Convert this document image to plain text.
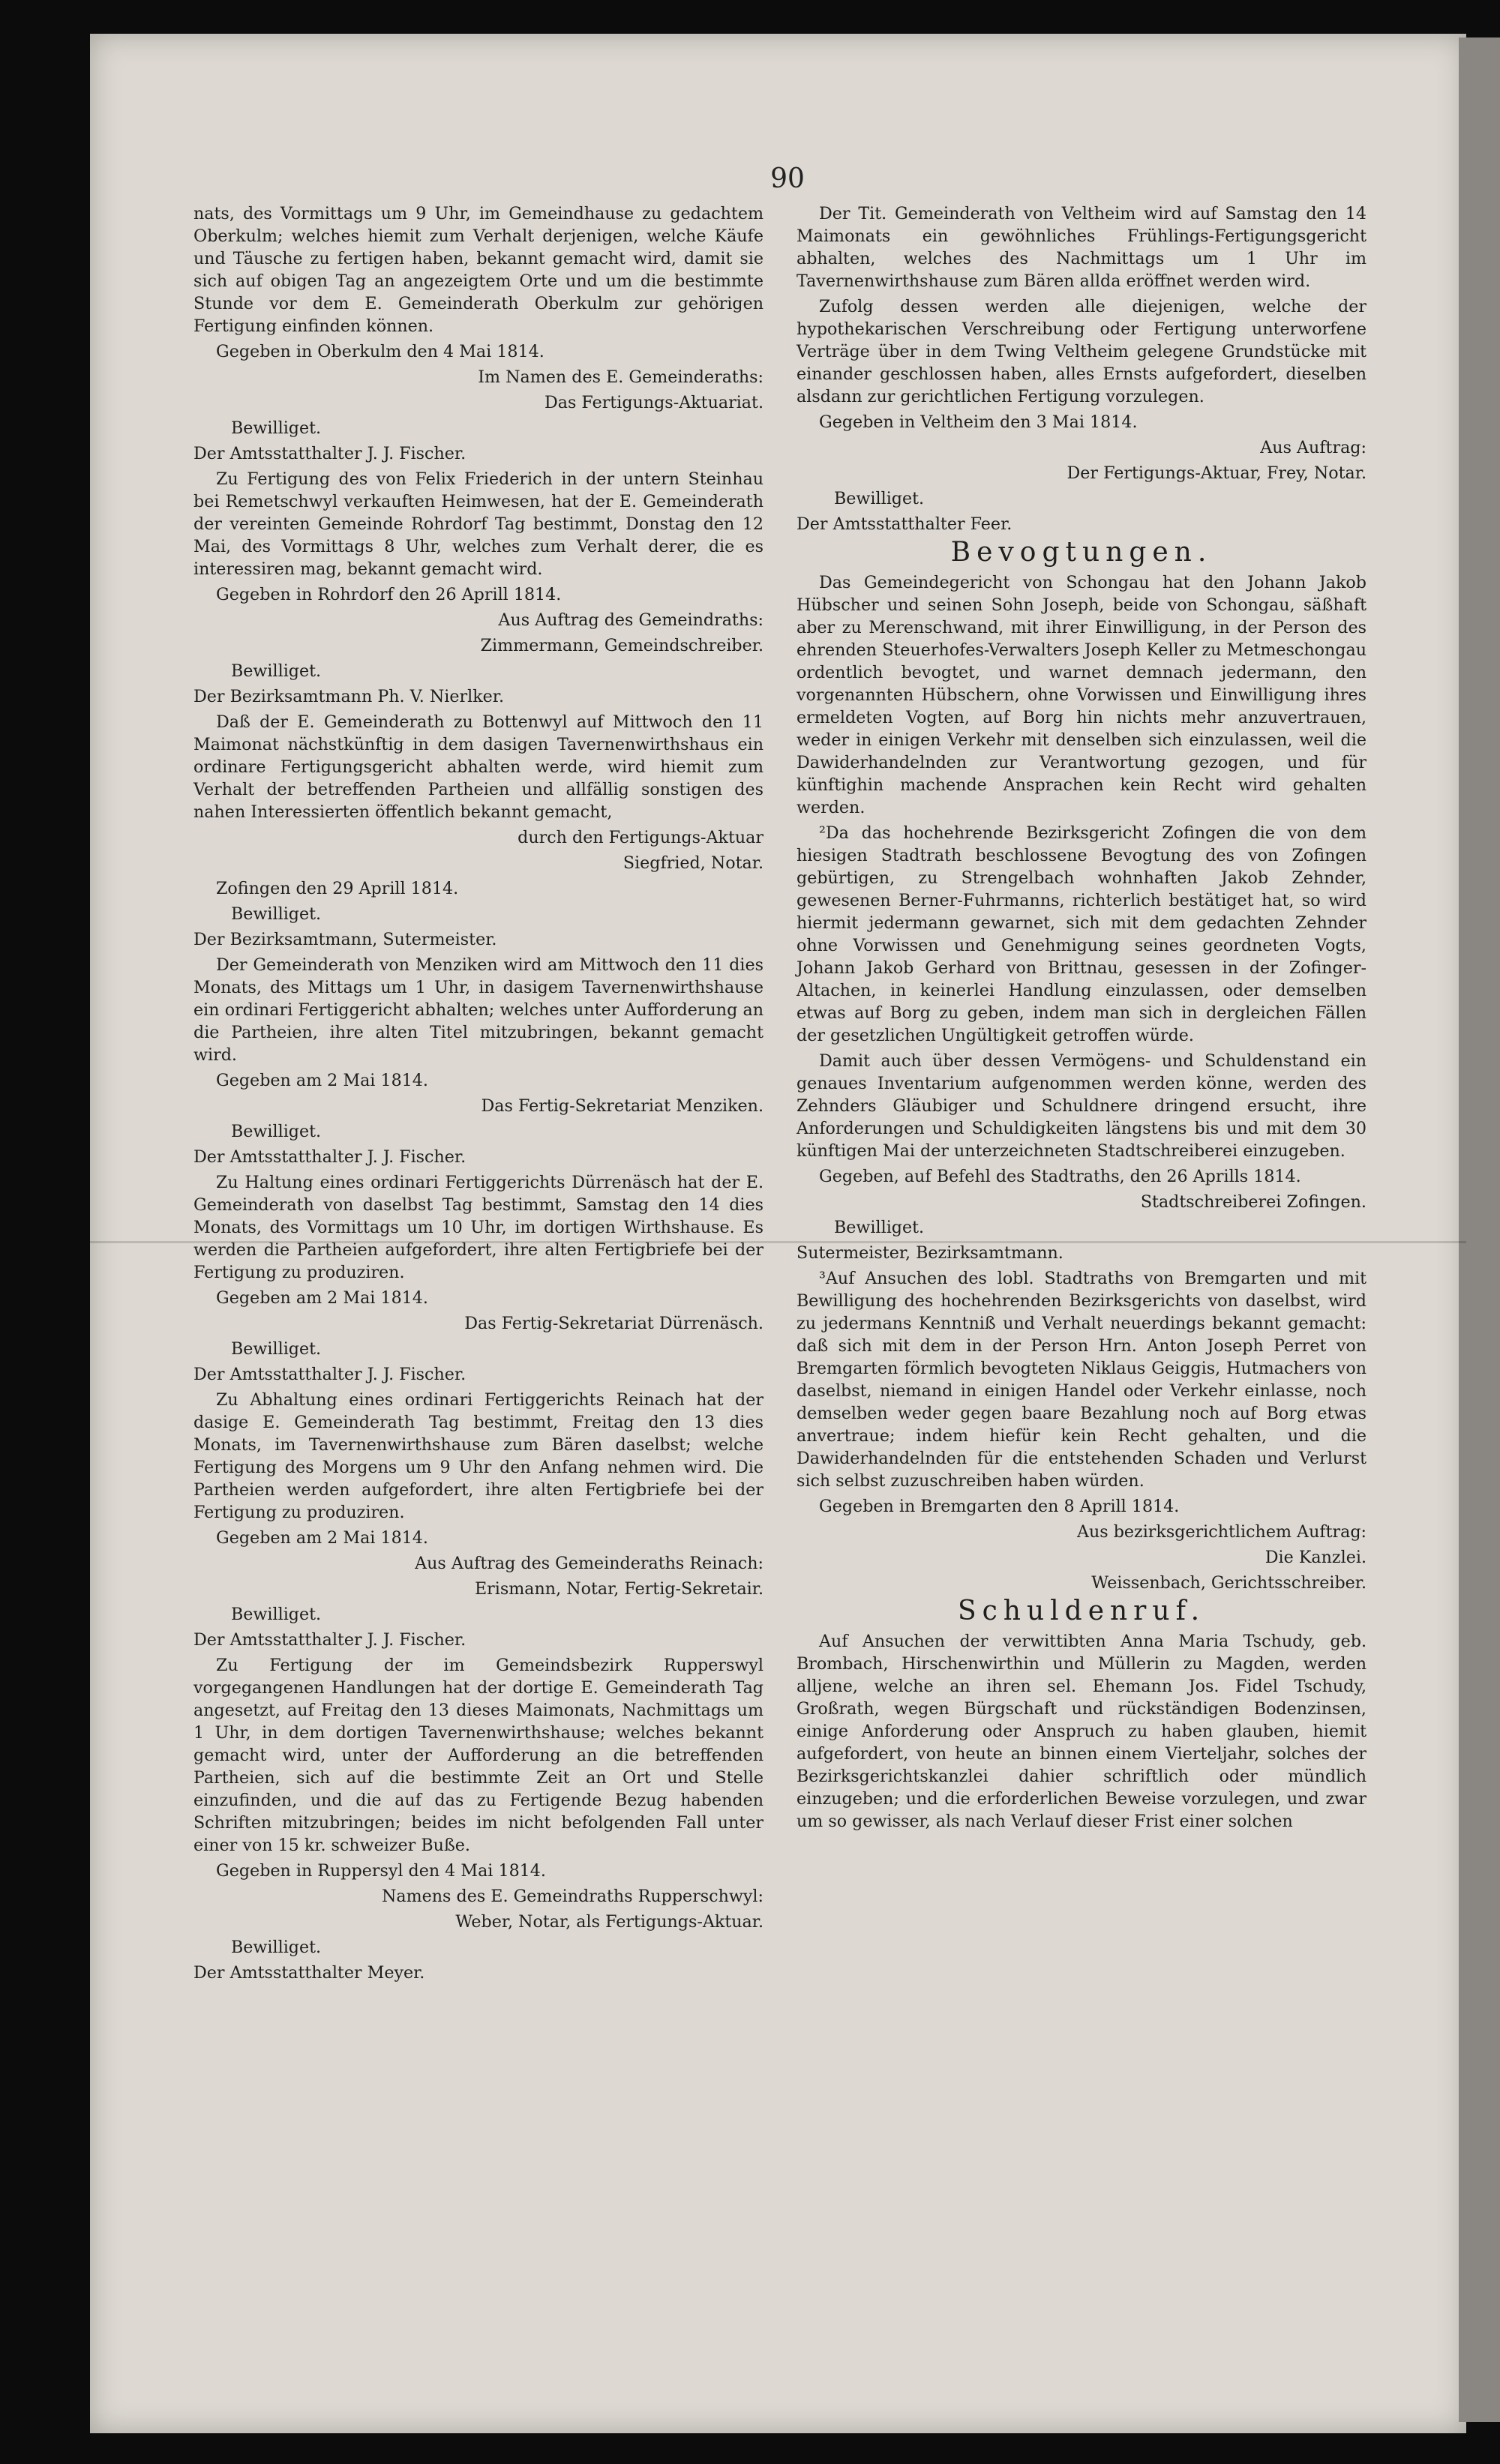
90

nats, des Vormittags um 9 Uhr, im Gemeindhause zu gedachtem Oberkulm; welches hiemit zum Verhalt derjenigen, welche Käufe und Täusche zu fertigen haben, bekannt gemacht wird, damit sie sich auf obigen Tag an angezeigtem Orte und um die bestimmte Stunde vor dem E. Gemeinderath Oberkulm zur gehörigen Fertigung einfinden können.

Gegeben in Oberkulm den 4 Mai 1814.

Im Namen des E. Gemeinderaths:

Das Fertigungs-Aktuariat.

Bewilliget.

Der Amtsstatthalter J. J. Fischer.

Zu Fertigung des von Felix Friederich in der untern Steinhau bei Remetschwyl verkauften Heimwesen, hat der E. Gemeinderath der vereinten Gemeinde Rohrdorf Tag bestimmt, Donstag den 12 Mai, des Vormittags 8 Uhr, welches zum Verhalt derer, die es interessiren mag, bekannt gemacht wird.

Gegeben in Rohrdorf den 26 Aprill 1814.

Aus Auftrag des Gemeindraths:

Zimmermann, Gemeindschreiber.

Bewilliget.

Der Bezirksamtmann Ph. V. Nierlker.

Daß der E. Gemeinderath zu Bottenwyl auf Mittwoch den 11 Maimonat nächstkünftig in dem dasigen Tavernenwirthshaus ein ordinare Fertigungsgericht abhalten werde, wird hiemit zum Verhalt der betreffenden Partheien und allfällig sonstigen des nahen Interessierten öffentlich bekannt gemacht,

durch den Fertigungs-Aktuar

Siegfried, Notar.

Zofingen den 29 Aprill 1814.

Bewilliget.

Der Bezirksamtmann, Sutermeister.

Der Gemeinderath von Menziken wird am Mittwoch den 11 dies Monats, des Mittags um 1 Uhr, in dasigem Tavernenwirthshause ein ordinari Fertiggericht abhalten; welches unter Aufforderung an die Partheien, ihre alten Titel mitzubringen, bekannt gemacht wird.

Gegeben am 2 Mai 1814.

Das Fertig-Sekretariat Menziken.

Bewilliget.

Der Amtsstatthalter J. J. Fischer.

Zu Haltung eines ordinari Fertiggerichts Dürrenäsch hat der E. Gemeinderath von daselbst Tag bestimmt, Samstag den 14 dies Monats, des Vormittags um 10 Uhr, im dortigen Wirthshause. Es werden die Partheien aufgefordert, ihre alten Fertigbriefe bei der Fertigung zu produziren.

Gegeben am 2 Mai 1814.

Das Fertig-Sekretariat Dürrenäsch.

Bewilliget.

Der Amtsstatthalter J. J. Fischer.

Zu Abhaltung eines ordinari Fertiggerichts Reinach hat der dasige E. Gemeinderath Tag bestimmt, Freitag den 13 dies Monats, im Tavernenwirthshause zum Bären daselbst; welche Fertigung des Morgens um 9 Uhr den Anfang nehmen wird. Die Partheien werden aufgefordert, ihre alten Fertigbriefe bei der Fertigung zu produziren.

Gegeben am 2 Mai 1814.

Aus Auftrag des Gemeinderaths Reinach:

Erismann, Notar, Fertig-Sekretair.

Bewilliget.

Der Amtsstatthalter J. J. Fischer.

Zu Fertigung der im Gemeindsbezirk Rupperswyl vorgegangenen Handlungen hat der dortige E. Gemeinderath Tag angesetzt, auf Freitag den 13 dieses Maimonats, Nachmittags um 1 Uhr, in dem dortigen Tavernenwirthshause; welches bekannt gemacht wird, unter der Aufforderung an die betreffenden Partheien, sich auf die bestimmte Zeit an Ort und Stelle einzufinden, und die auf das zu Fertigende Bezug habenden Schriften mitzubringen; beides im nicht befolgenden Fall unter einer von 15 kr. schweizer Buße.

Gegeben in Ruppersyl den 4 Mai 1814.

Namens des E. Gemeindraths Rupperschwyl:

Weber, Notar, als Fertigungs-Aktuar.

Bewilliget.

Der Amtsstatthalter Meyer.

Der Tit. Gemeinderath von Veltheim wird auf Samstag den 14 Maimonats ein gewöhnliches Frühlings-Fertigungsgericht abhalten, welches des Nachmittags um 1 Uhr im Tavernenwirthshause zum Bären allda eröffnet werden wird.

Zufolg dessen werden alle diejenigen, welche der hypothekarischen Verschreibung oder Fertigung unterworfene Verträge über in dem Twing Veltheim gelegene Grundstücke mit einander geschlossen haben, alles Ernsts aufgefordert, dieselben alsdann zur gerichtlichen Fertigung vorzulegen.

Gegeben in Veltheim den 3 Mai 1814.

Aus Auftrag:

Der Fertigungs-Aktuar, Frey, Notar.

Bewilliget.

Der Amtsstatthalter Feer.

Bevogtungen.

Das Gemeindegericht von Schongau hat den Johann Jakob Hübscher und seinen Sohn Joseph, beide von Schongau, säßhaft aber zu Merenschwand, mit ihrer Einwilligung, in der Person des ehrenden Steuerhofes-Verwalters Joseph Keller zu Metmeschongau ordentlich bevogtet, und warnet demnach jedermann, den vorgenannten Hübschern, ohne Vorwissen und Einwilligung ihres ermeldeten Vogten, auf Borg hin nichts mehr anzuvertrauen, weder in einigen Verkehr mit denselben sich einzulassen, weil die Dawiderhandelnden zur Verantwortung gezogen, und für künftighin machende Ansprachen kein Recht wird gehalten werden.

²Da das hochehrende Bezirksgericht Zofingen die von dem hiesigen Stadtrath beschlossene Bevogtung des von Zofingen gebürtigen, zu Strengelbach wohnhaften Jakob Zehnder, gewesenen Berner-Fuhrmanns, richterlich bestätiget hat, so wird hiermit jedermann gewarnet, sich mit dem gedachten Zehnder ohne Vorwissen und Genehmigung seines geordneten Vogts, Johann Jakob Gerhard von Brittnau, gesessen in der Zofinger-Altachen, in keinerlei Handlung einzulassen, oder demselben etwas auf Borg zu geben, indem man sich in dergleichen Fällen der gesetzlichen Ungültigkeit getroffen würde.

Damit auch über dessen Vermögens- und Schuldenstand ein genaues Inventarium aufgenommen werden könne, werden des Zehnders Gläubiger und Schuldnere dringend ersucht, ihre Anforderungen und Schuldigkeiten längstens bis und mit dem 30 künftigen Mai der unterzeichneten Stadtschreiberei einzugeben.

Gegeben, auf Befehl des Stadtraths, den 26 Aprills 1814.

Stadtschreiberei Zofingen.

Bewilliget.

Sutermeister, Bezirksamtmann.

³Auf Ansuchen des lobl. Stadtraths von Bremgarten und mit Bewilligung des hochehrenden Bezirksgerichts von daselbst, wird zu jedermans Kenntniß und Verhalt neuerdings bekannt gemacht: daß sich mit dem in der Person Hrn. Anton Joseph Perret von Bremgarten förmlich bevogteten Niklaus Geiggis, Hutmachers von daselbst, niemand in einigen Handel oder Verkehr einlasse, noch demselben weder gegen baare Bezahlung noch auf Borg etwas anvertraue; indem hiefür kein Recht gehalten, und die Dawiderhandelnden für die entstehenden Schaden und Verlurst sich selbst zuzuschreiben haben würden.

Gegeben in Bremgarten den 8 Aprill 1814.

Aus bezirksgerichtlichem Auftrag:

Die Kanzlei.

Weissenbach, Gerichtsschreiber.

Schuldenruf.

Auf Ansuchen der verwittibten Anna Maria Tschudy, geb. Brombach, Hirschenwirthin und Müllerin zu Magden, werden alljene, welche an ihren sel. Ehemann Jos. Fidel Tschudy, Großrath, wegen Bürgschaft und rückständigen Bodenzinsen, einige Anforderung oder Anspruch zu haben glauben, hiemit aufgefordert, von heute an binnen einem Vierteljahr, solches der Bezirksgerichtskanzlei dahier schriftlich oder mündlich einzugeben; und die erforderlichen Beweise vorzulegen, und zwar um so gewisser, als nach Verlauf dieser Frist einer solchen
